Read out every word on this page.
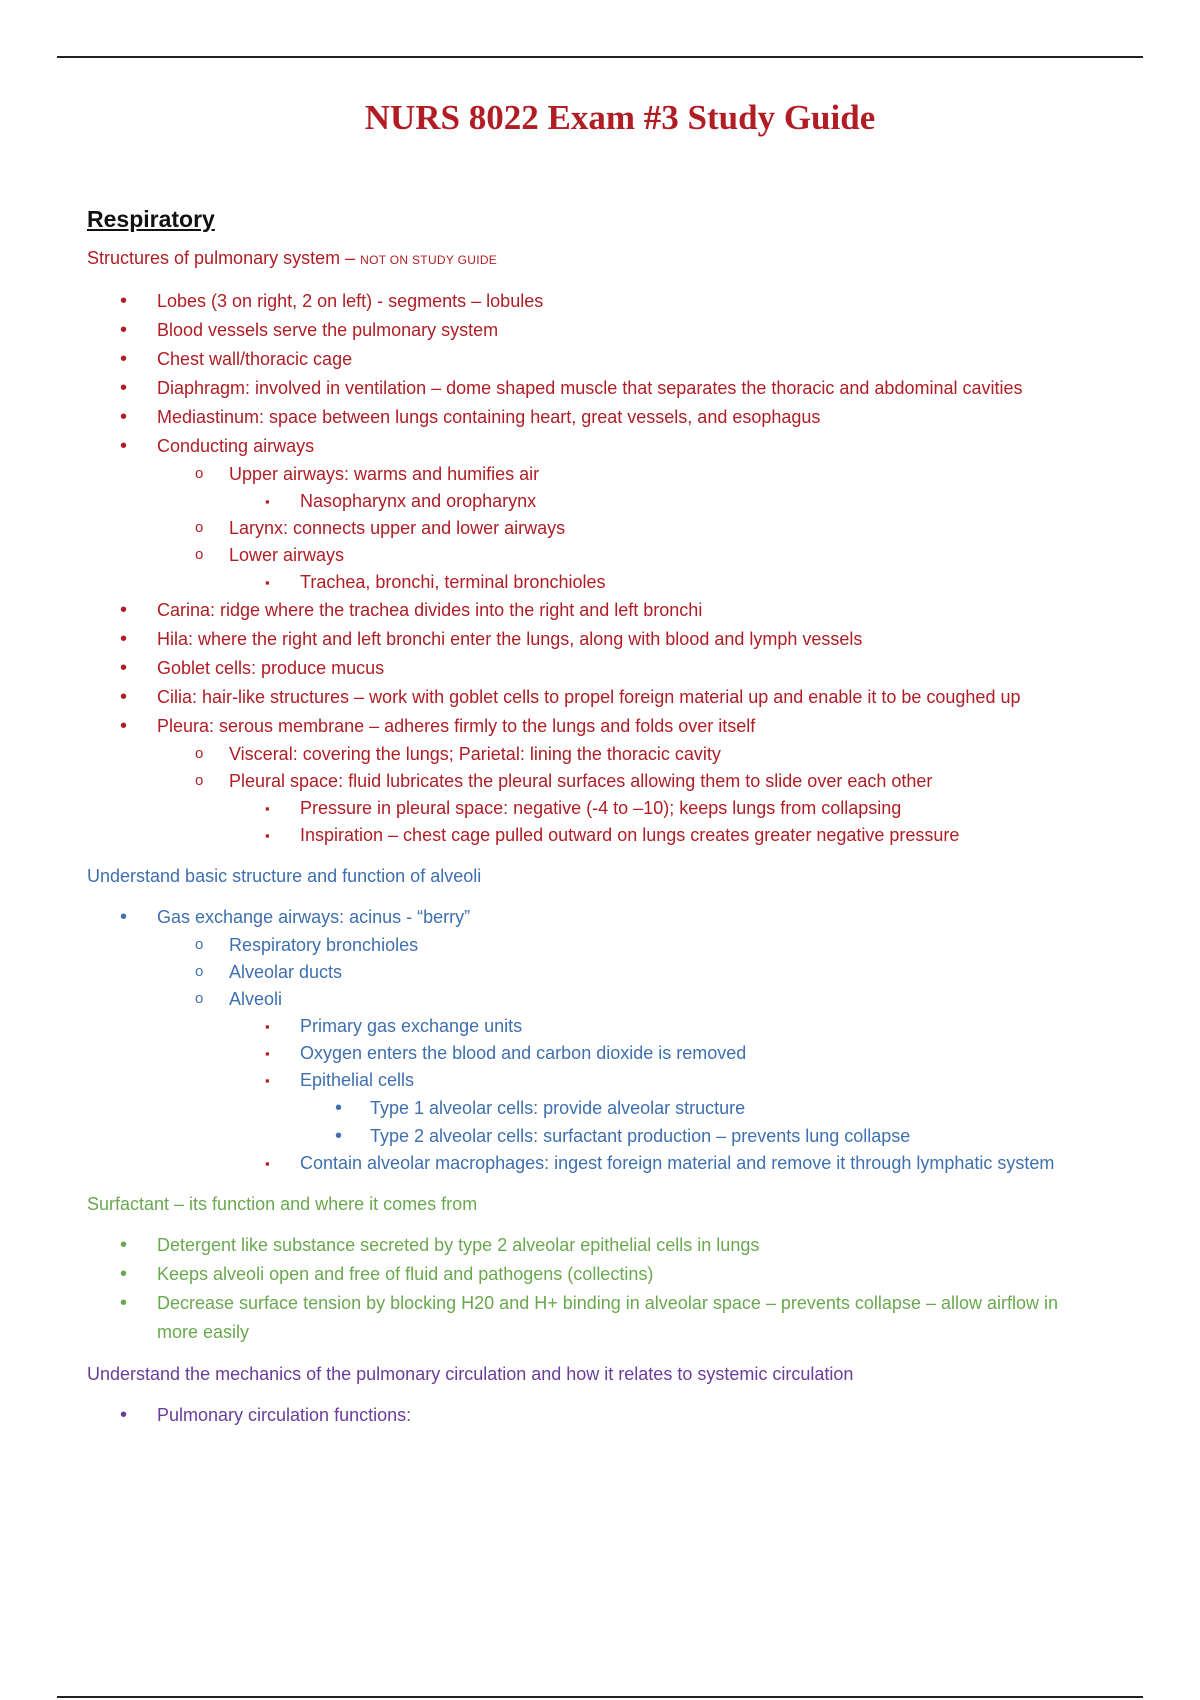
NURS 8022 Exam #3 Study Guide
Respiratory

Structures of pulmonary system – NOT ON STUDY GUIDE

• Lobes (3 on right, 2 on left) - segments – lobules
• Blood vessels serve the pulmonary system
• Chest wall/thoracic cage
• Diaphragm: involved in ventilation – dome shaped muscle that separates the thoracic and abdominal cavities
• Mediastinum: space between lungs containing heart, great vessels, and esophagus
• Conducting airways
o Upper airways: warms and humifies air
▪ Nasopharynx and oropharynx
o Larynx: connects upper and lower airways
o Lower airways
▪ Trachea, bronchi, terminal bronchioles
• Carina: ridge where the trachea divides into the right and left bronchi
• Hila: where the right and left bronchi enter the lungs, along with blood and lymph vessels
• Goblet cells: produce mucus
• Cilia: hair-like structures – work with goblet cells to propel foreign material up and enable it to be coughed up
• Pleura: serous membrane – adheres firmly to the lungs and folds over itself
o Visceral: covering the lungs; Parietal: lining the thoracic cavity
o Pleural space: fluid lubricates the pleural surfaces allowing them to slide over each other
▪ Pressure in pleural space: negative (-4 to –10); keeps lungs from collapsing
▪ Inspiration – chest cage pulled outward on lungs creates greater negative pressure

Understand basic structure and function of alveoli

• Gas exchange airways: acinus - “berry”
o Respiratory bronchioles
o Alveolar ducts
o Alveoli
▪ Primary gas exchange units
▪ Oxygen enters the blood and carbon dioxide is removed
▪ Epithelial cells
• Type 1 alveolar cells: provide alveolar structure
• Type 2 alveolar cells: surfactant production – prevents lung collapse
▪ Contain alveolar macrophages: ingest foreign material and remove it through lymphatic system

Surfactant – its function and where it comes from

• Detergent like substance secreted by type 2 alveolar epithelial cells in lungs
• Keeps alveoli open and free of fluid and pathogens (collectins)
• Decrease surface tension by blocking H20 and H+ binding in alveolar space – prevents collapse – allow airflow in
more easily

Understand the mechanics of the pulmonary circulation and how it relates to systemic circulation

• Pulmonary circulation functions:
